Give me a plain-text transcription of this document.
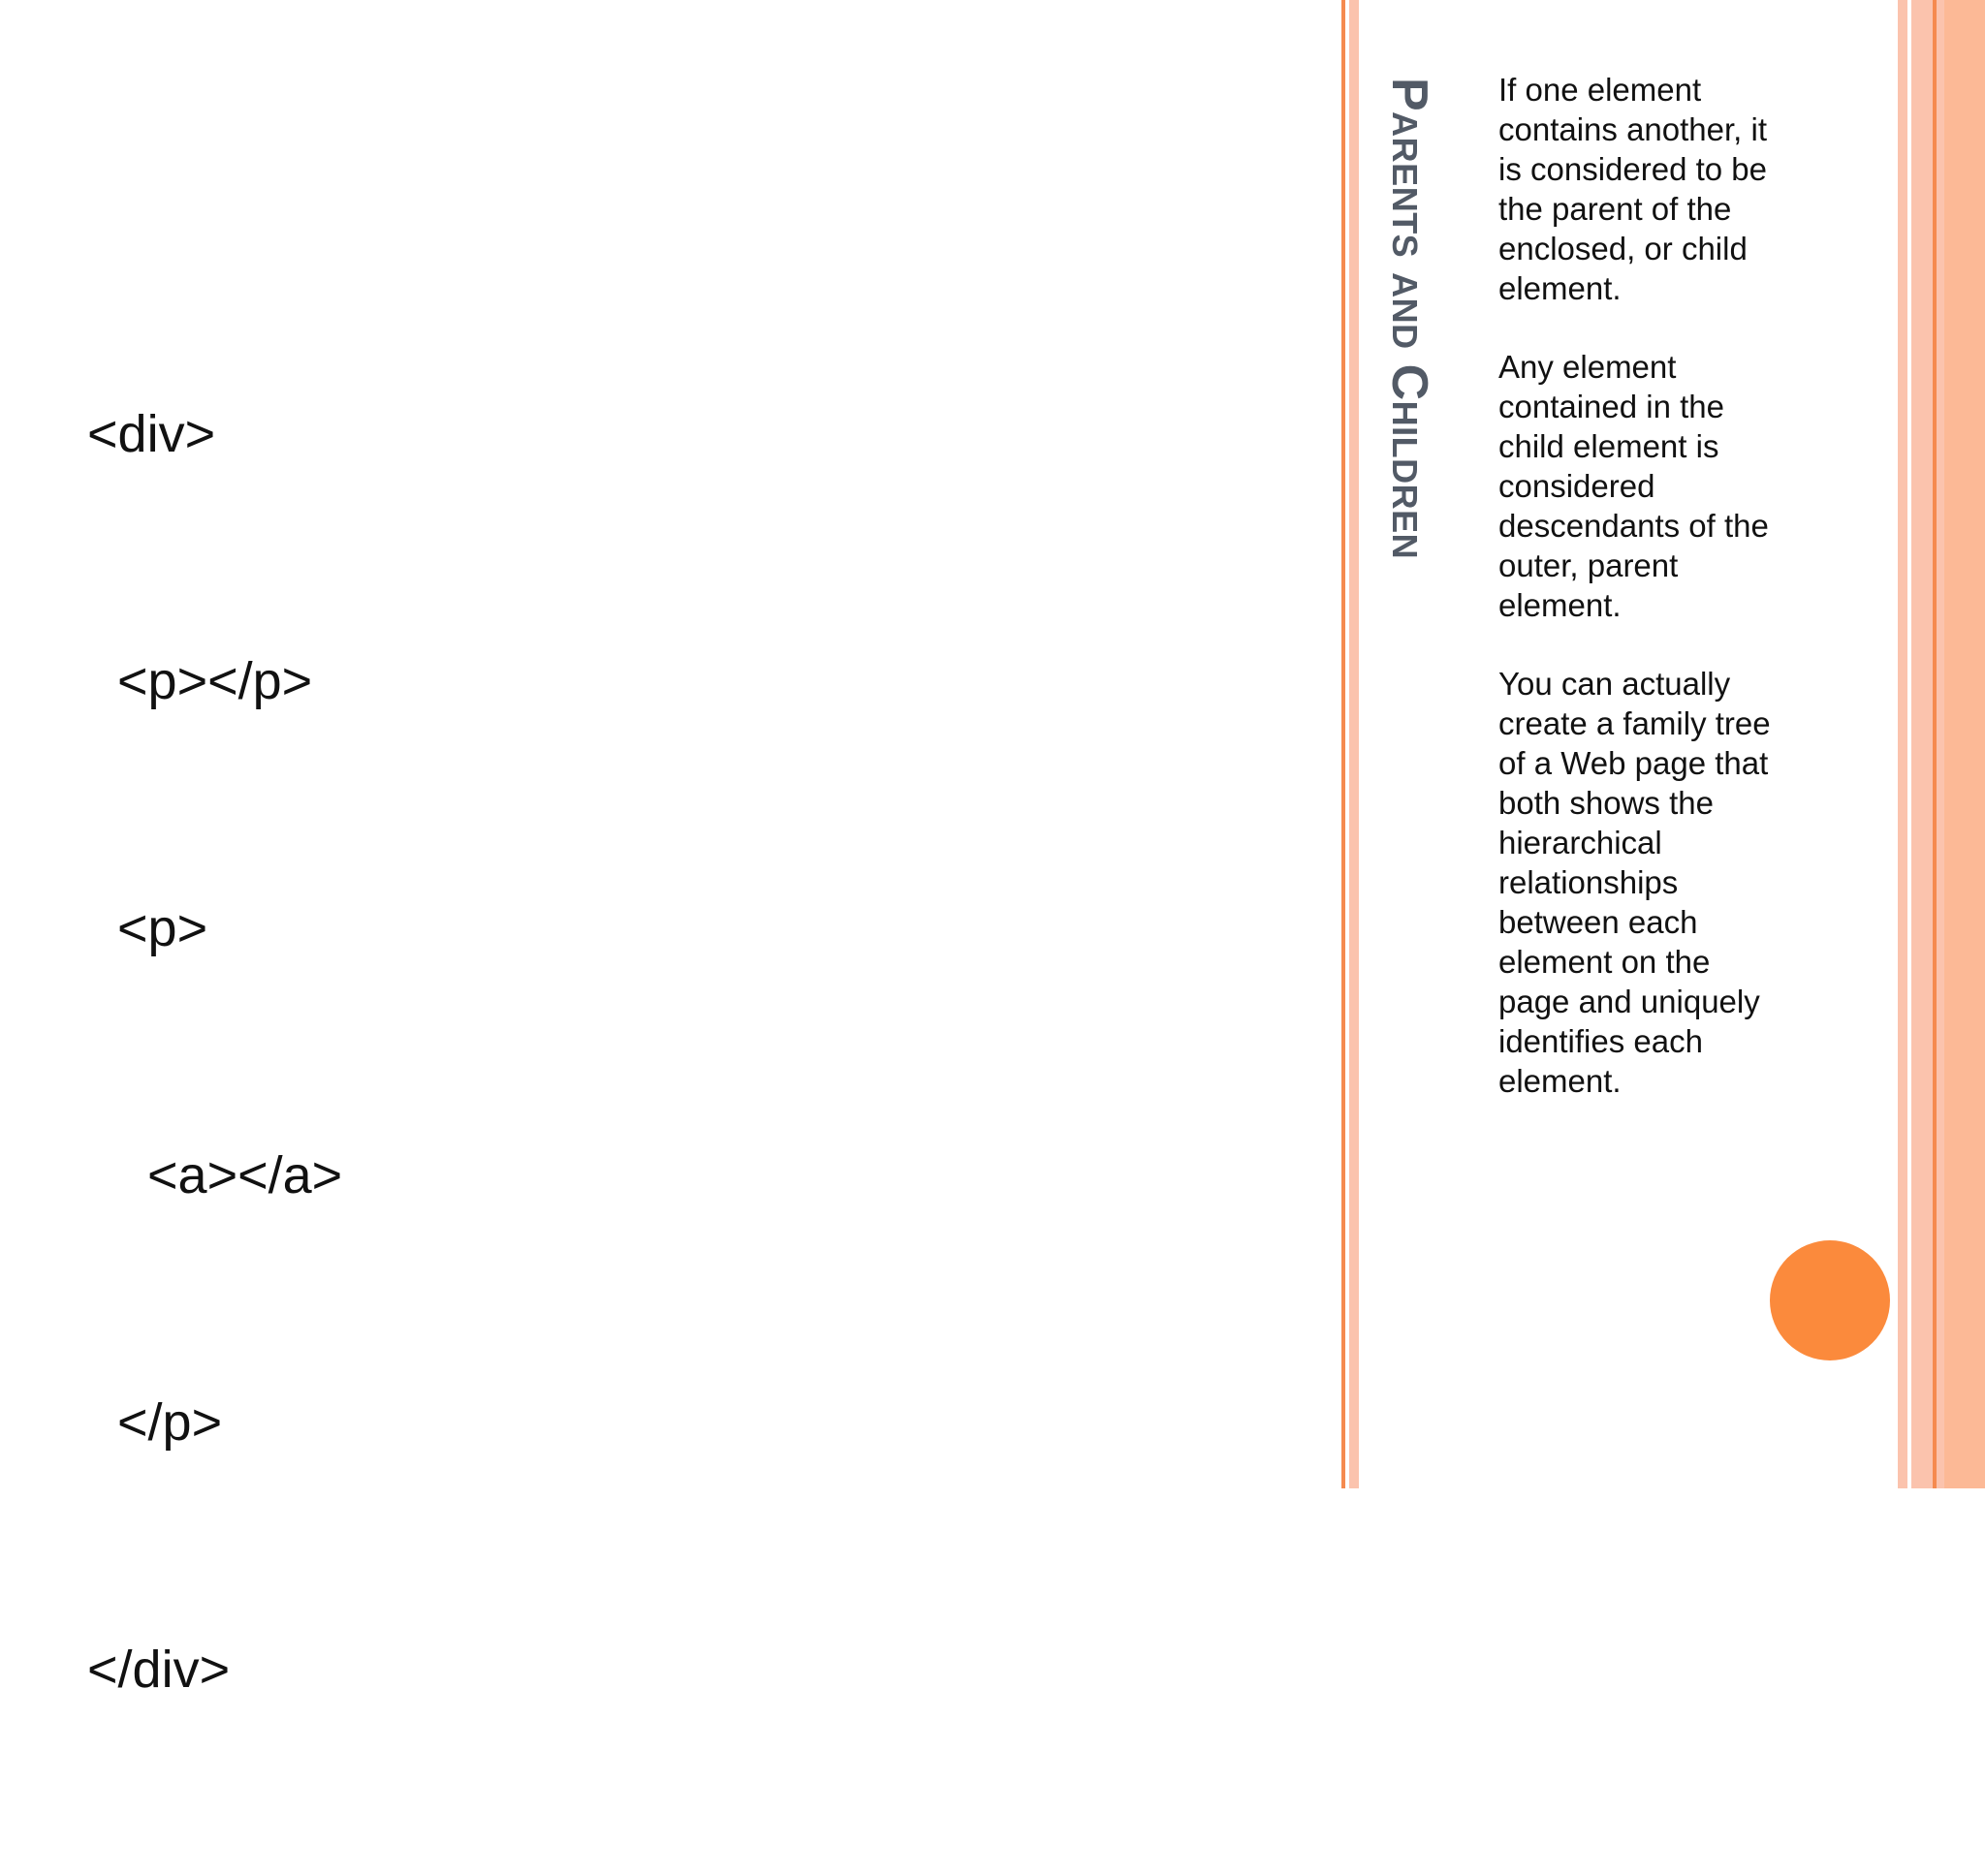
<div>

<p></p>

<p>

<a></a>

</p>

</div>

Parents and Children If one element contains another, it is considered to be the parent of the enclosed, or child element.

Any element contained in the child element is considered descendants of the outer, parent element.

You can actually create a family tree of a Web page that both shows the hierarchical relationships between each element on the page and uniquely identifies each element.
